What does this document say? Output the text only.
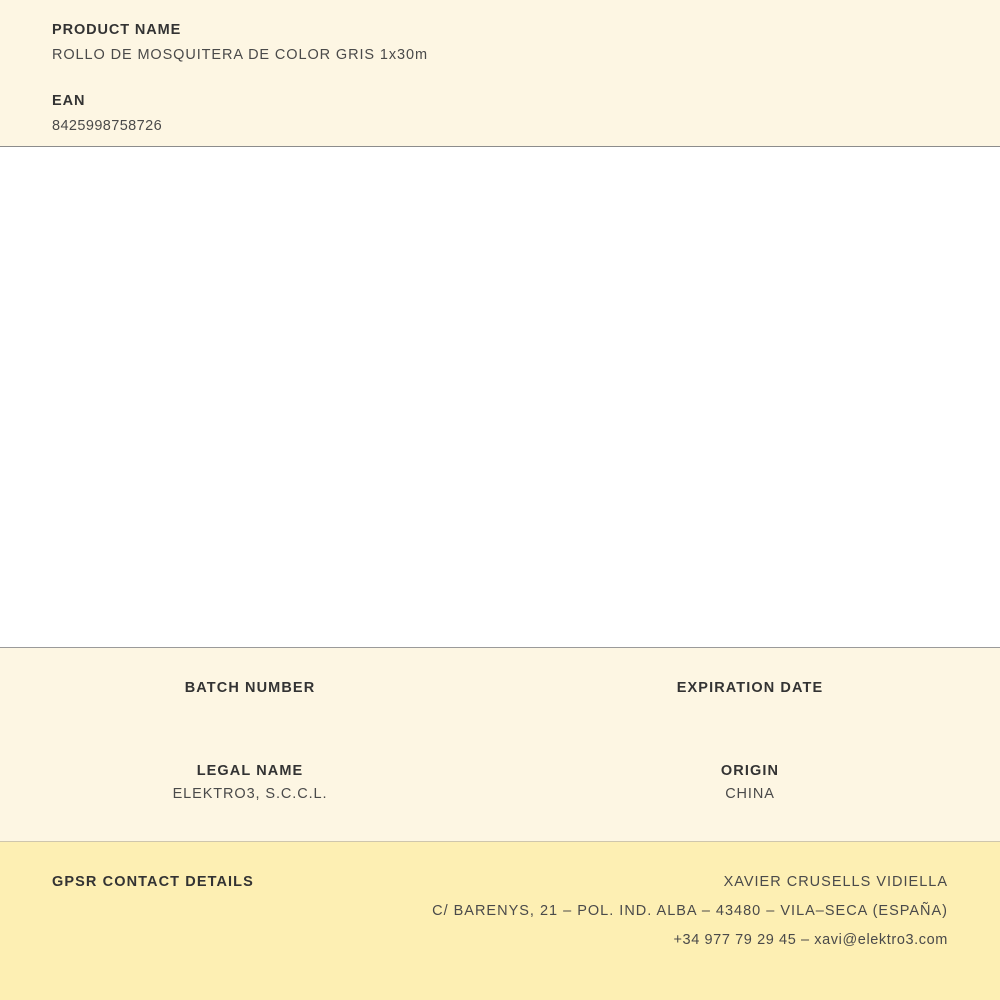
PRODUCT NAME

ROLLO DE MOSQUITERA DE COLOR GRIS 1x30m

EAN

8425998758726

BATCH NUMBER	EXPIRATION DATE

LEGAL NAME

ELEKTRO3, S.C.C.L.

ORIGIN

CHINA

GPSR CONTACT DETAILS	XAVIER CRUSELLS VIDIELLA

C/ BARENYS, 21 – POL. IND. ALBA – 43480 – VILA–SECA (ESPAÑA)

+34 977 79 29 45 – xavi@elektro3.com
